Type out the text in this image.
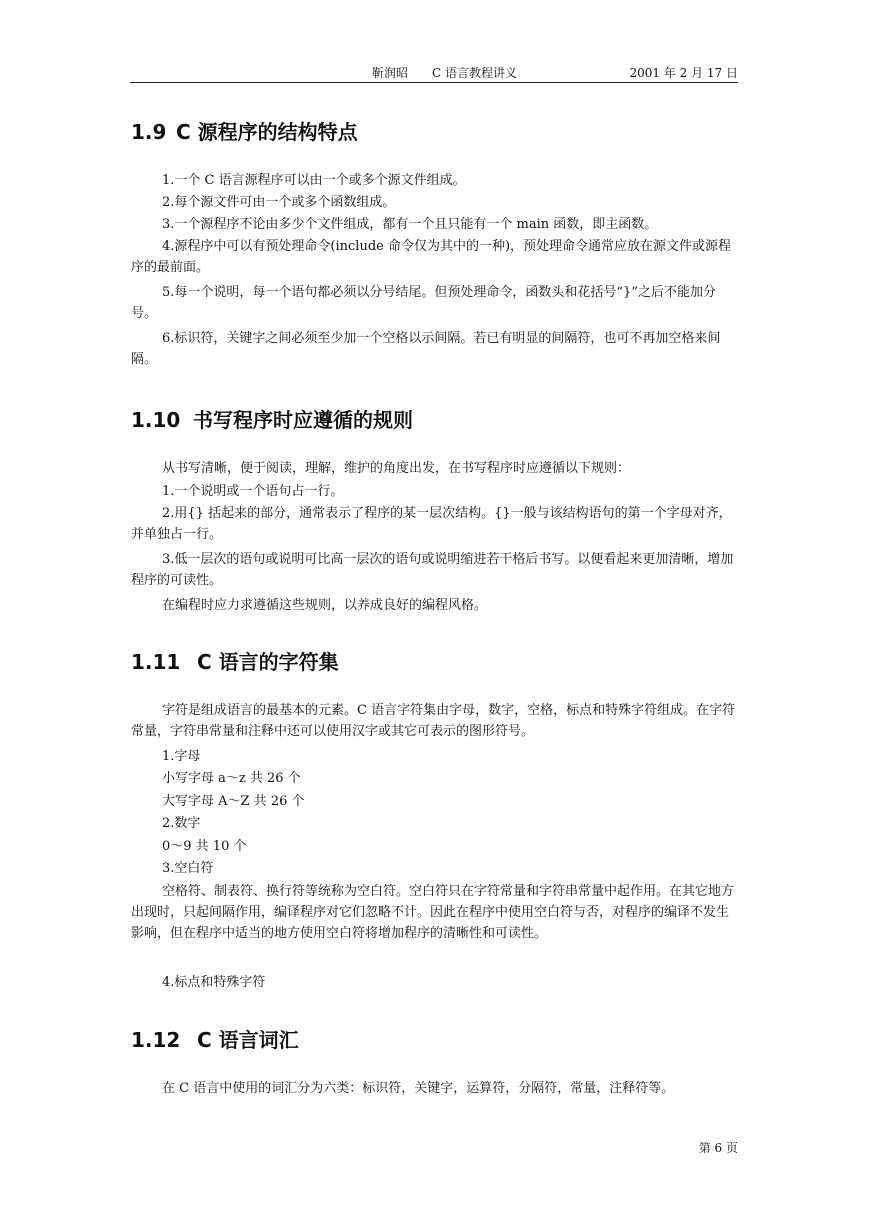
靳润昭 C 语言教程讲义	2001 年 2 月 17 日
1.9 C 源程序的结构特点
1.一个 C 语言源程序可以由一个或多个源文件组成。
2.每个源文件可由一个或多个函数组成。
3.一个源程序不论由多少个文件组成，都有一个且只能有一个 main 函数，即主函数。
4.源程序中可以有预处理命令(include 命令仅为其中的一种)，预处理命令通常应放在源文件或源程序的最前面。
5.每一个说明，每一个语句都必须以分号结尾。但预处理命令，函数头和花括号“}”之后不能加分号。
6.标识符，关键字之间必须至少加一个空格以示间隔。若已有明显的间隔符，也可不再加空格来间隔。
1.10 书写程序时应遵循的规则
从书写清晰，便于阅读，理解，维护的角度出发，在书写程序时应遵循以下规则：
1.一个说明或一个语句占一行。
2.用{} 括起来的部分，通常表示了程序的某一层次结构。{}一般与该结构语句的第一个字母对齐，并单独占一行。
3.低一层次的语句或说明可比高一层次的语句或说明缩进若干格后书写。以便看起来更加清晰，增加程序的可读性。
在编程时应力求遵循这些规则，以养成良好的编程风格。
1.11 C 语言的字符集
字符是组成语言的最基本的元素。C 语言字符集由字母，数字，空格，标点和特殊字符组成。在字符常量，字符串常量和注释中还可以使用汉字或其它可表示的图形符号。
1.字母
小写字母 a～z 共 26 个
大写字母 A～Z 共 26 个
2.数字
0～9 共 10 个
3.空白符
空格符、制表符、换行符等统称为空白符。空白符只在字符常量和字符串常量中起作用。在其它地方出现时，只起间隔作用，编译程序对它们忽略不计。因此在程序中使用空白符与否，对程序的编译不发生影响，但在程序中适当的地方使用空白符将增加程序的清晰性和可读性。
4.标点和特殊字符
1.12 C 语言词汇
在 C 语言中使用的词汇分为六类：标识符，关键字，运算符，分隔符，常量，注释符等。
第 6 页
